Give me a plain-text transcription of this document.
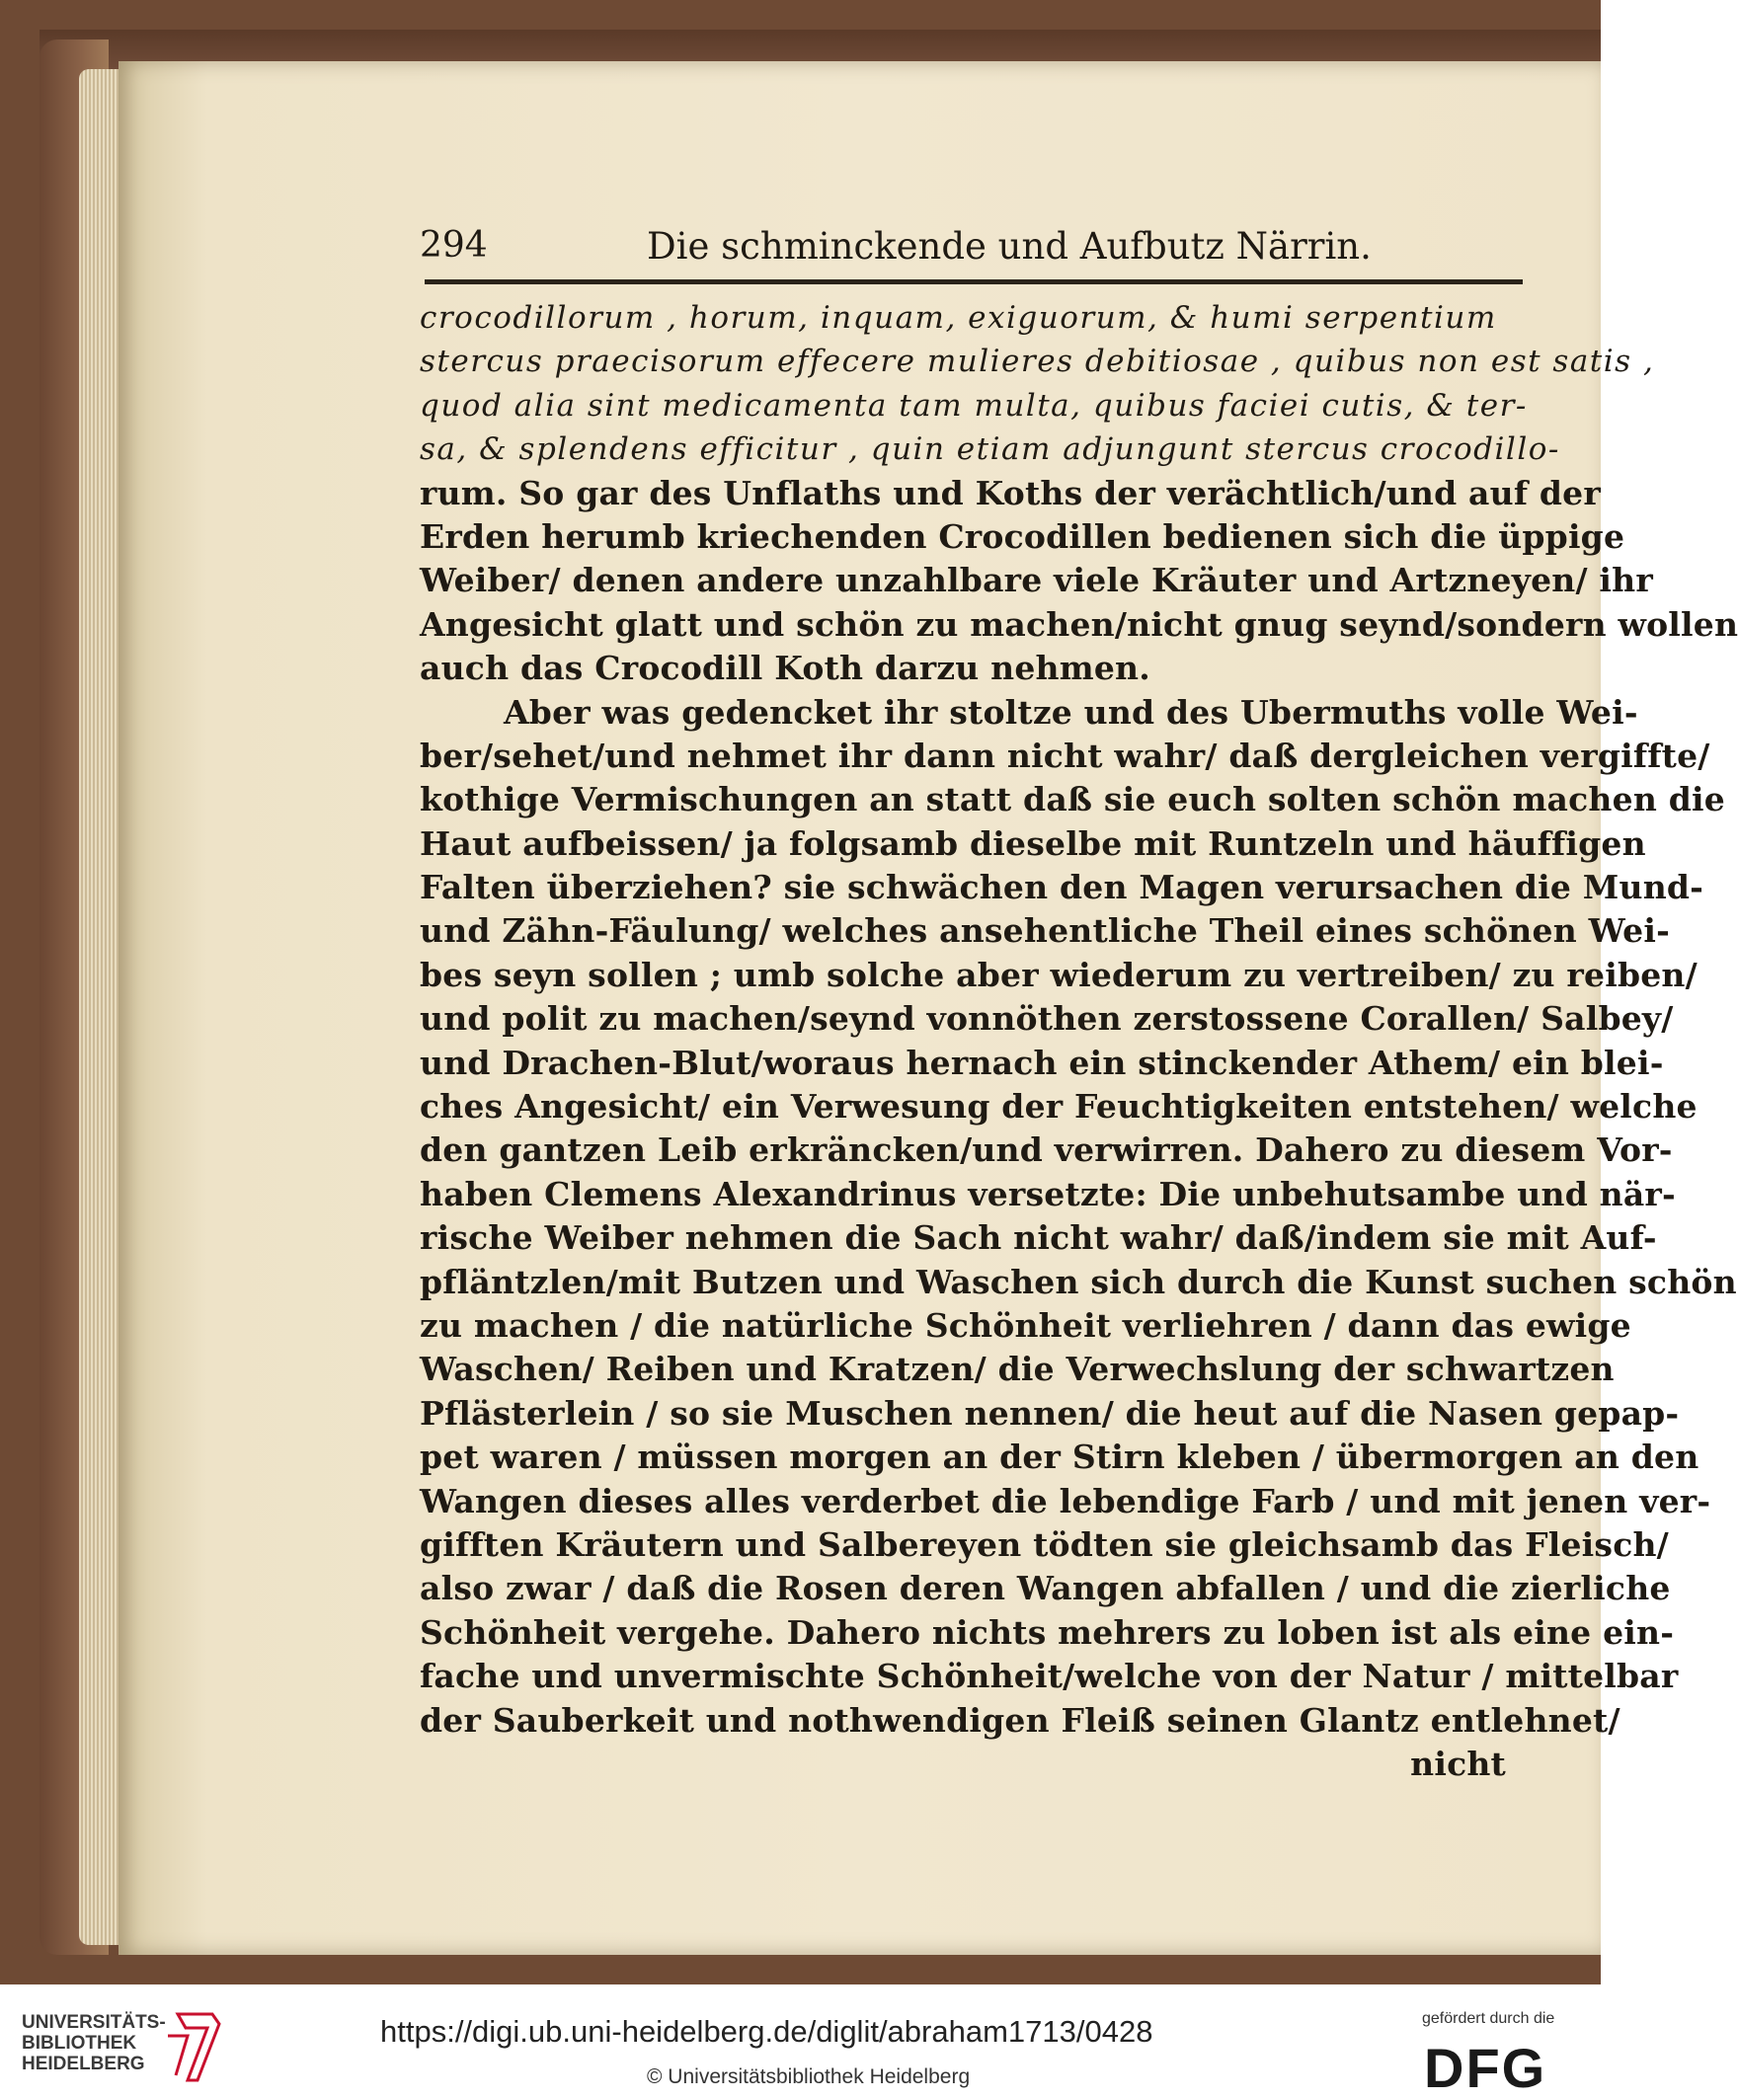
294	Die schminckende und Aufbutz Närrin.
crocodillorum , horum, inquam, exiguorum, & humi serpentium
stercus praecisorum effecere mulieres debitiosae , quibus non est satis ,
quod alia sint medicamenta tam multa, quibus faciei cutis, & ter-
sa, & splendens efficitur , quin etiam adjungunt stercus crocodillo-
rum. So gar des Unflaths und Koths der verächtlich/und auf der
Erden herumb kriechenden Crocodillen bedienen sich die üppige
Weiber/ denen andere unzahlbare viele Kräuter und Artzneyen/ ihr
Angesicht glatt und schön zu machen/nicht gnug seynd/sondern wollen
auch das Crocodill Koth darzu nehmen.
Aber was gedencket ihr stoltze und des Ubermuths volle Wei-
ber/sehet/und nehmet ihr dann nicht wahr/ daß dergleichen vergiffte/
kothige Vermischungen an statt daß sie euch solten schön machen die
Haut aufbeissen/ ja folgsamb dieselbe mit Runtzeln und häuffigen
Falten überziehen? sie schwächen den Magen verursachen die Mund-
und Zähn-Fäulung/ welches ansehentliche Theil eines schönen Wei-
bes seyn sollen ; umb solche aber wiederum zu vertreiben/ zu reiben/
und polit zu machen/seynd vonnöthen zerstossene Corallen/ Salbey/
und Drachen-Blut/woraus hernach ein stinckender Athem/ ein blei-
ches Angesicht/ ein Verwesung der Feuchtigkeiten entstehen/ welche
den gantzen Leib erkräncken/und verwirren. Dahero zu diesem Vor-
haben Clemens Alexandrinus versetzte: Die unbehutsambe und när-
rische Weiber nehmen die Sach nicht wahr/ daß/indem sie mit Auf-
pfläntzlen/mit Butzen und Waschen sich durch die Kunst suchen schön
zu machen / die natürliche Schönheit verliehren / dann das ewige
Waschen/ Reiben und Kratzen/ die Verwechslung der schwartzen
Pflästerlein / so sie Muschen nennen/ die heut auf die Nasen gepap-
pet waren / müssen morgen an der Stirn kleben / übermorgen an den
Wangen dieses alles verderbet die lebendige Farb / und mit jenen ver-
gifften Kräutern und Salbereyen tödten sie gleichsamb das Fleisch/
also zwar / daß die Rosen deren Wangen abfallen / und die zierliche
Schönheit vergehe. Dahero nichts mehrers zu loben ist als eine ein-
fache und unvermischte Schönheit/welche von der Natur / mittelbar
der Sauberkeit und nothwendigen Fleiß seinen Glantz entlehnet/
nicht
UNIVERSITÄTS- BIBLIOTHEK HEIDELBERG
https://digi.ub.uni-heidelberg.de/diglit/abraham1713/0428
© Universitätsbibliothek Heidelberg
gefördert durch die
DFG
